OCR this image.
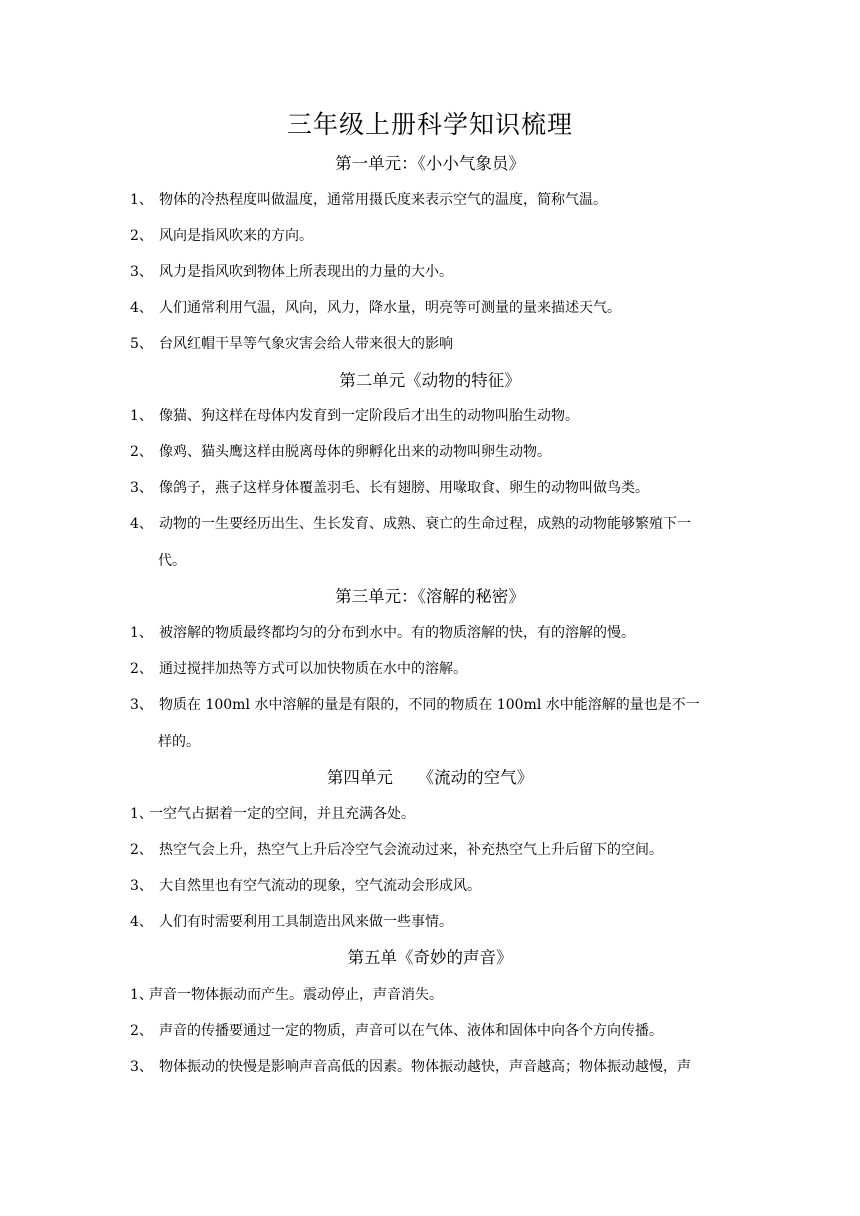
三年级上册科学知识梳理
第一单元：《小小气象员》
1、 物体的冷热程度叫做温度，通常用摄氏度来表示空气的温度，简称气温。
2、 风向是指风吹来的方向。
3、 风力是指风吹到物体上所表现出的力量的大小。
4、 人们通常利用气温，风向，风力，降水量，明亮等可测量的量来描述天气。
5、 台风红帽干旱等气象灾害会给人带来很大的影响
第二单元《动物的特征》
1、 像猫、狗这样在母体内发育到一定阶段后才出生的动物叫胎生动物。
2、 像鸡、猫头鹰这样由脱离母体的卵孵化出来的动物叫卵生动物。
3、 像鸽子，燕子这样身体覆盖羽毛、长有翅膀、用喙取食、卵生的动物叫做鸟类。
4、 动物的一生要经历出生、生长发育、成熟、衰亡的生命过程，成熟的动物能够繁殖下一
代。
第三单元：《溶解的秘密》
1、 被溶解的物质最终都均匀的分布到水中。有的物质溶解的快，有的溶解的慢。
2、 通过搅拌加热等方式可以加快物质在水中的溶解。
3、 物质在 100ml 水中溶解的量是有限的，不同的物质在 100ml 水中能溶解的量也是不一
样的。
第四单元　　《流动的空气》
1、
一空气占据着一定的空间，并且充满各处。
2、 热空气会上升，热空气上升后冷空气会流动过来，补充热空气上升后留下的空间。
3、 大自然里也有空气流动的现象，空气流动会形成风。
4、 人们有时需要利用工具制造出风来做一些事情。
第五单《奇妙的声音》
1、
声音一物体振动而产生。震动停止，声音消失。
2、 声音的传播要通过一定的物质，声音可以在气体、液体和固体中向各个方向传播。
3、 物体振动的快慢是影响声音高低的因素。物体振动越快，声音越高；物体振动越慢，声
